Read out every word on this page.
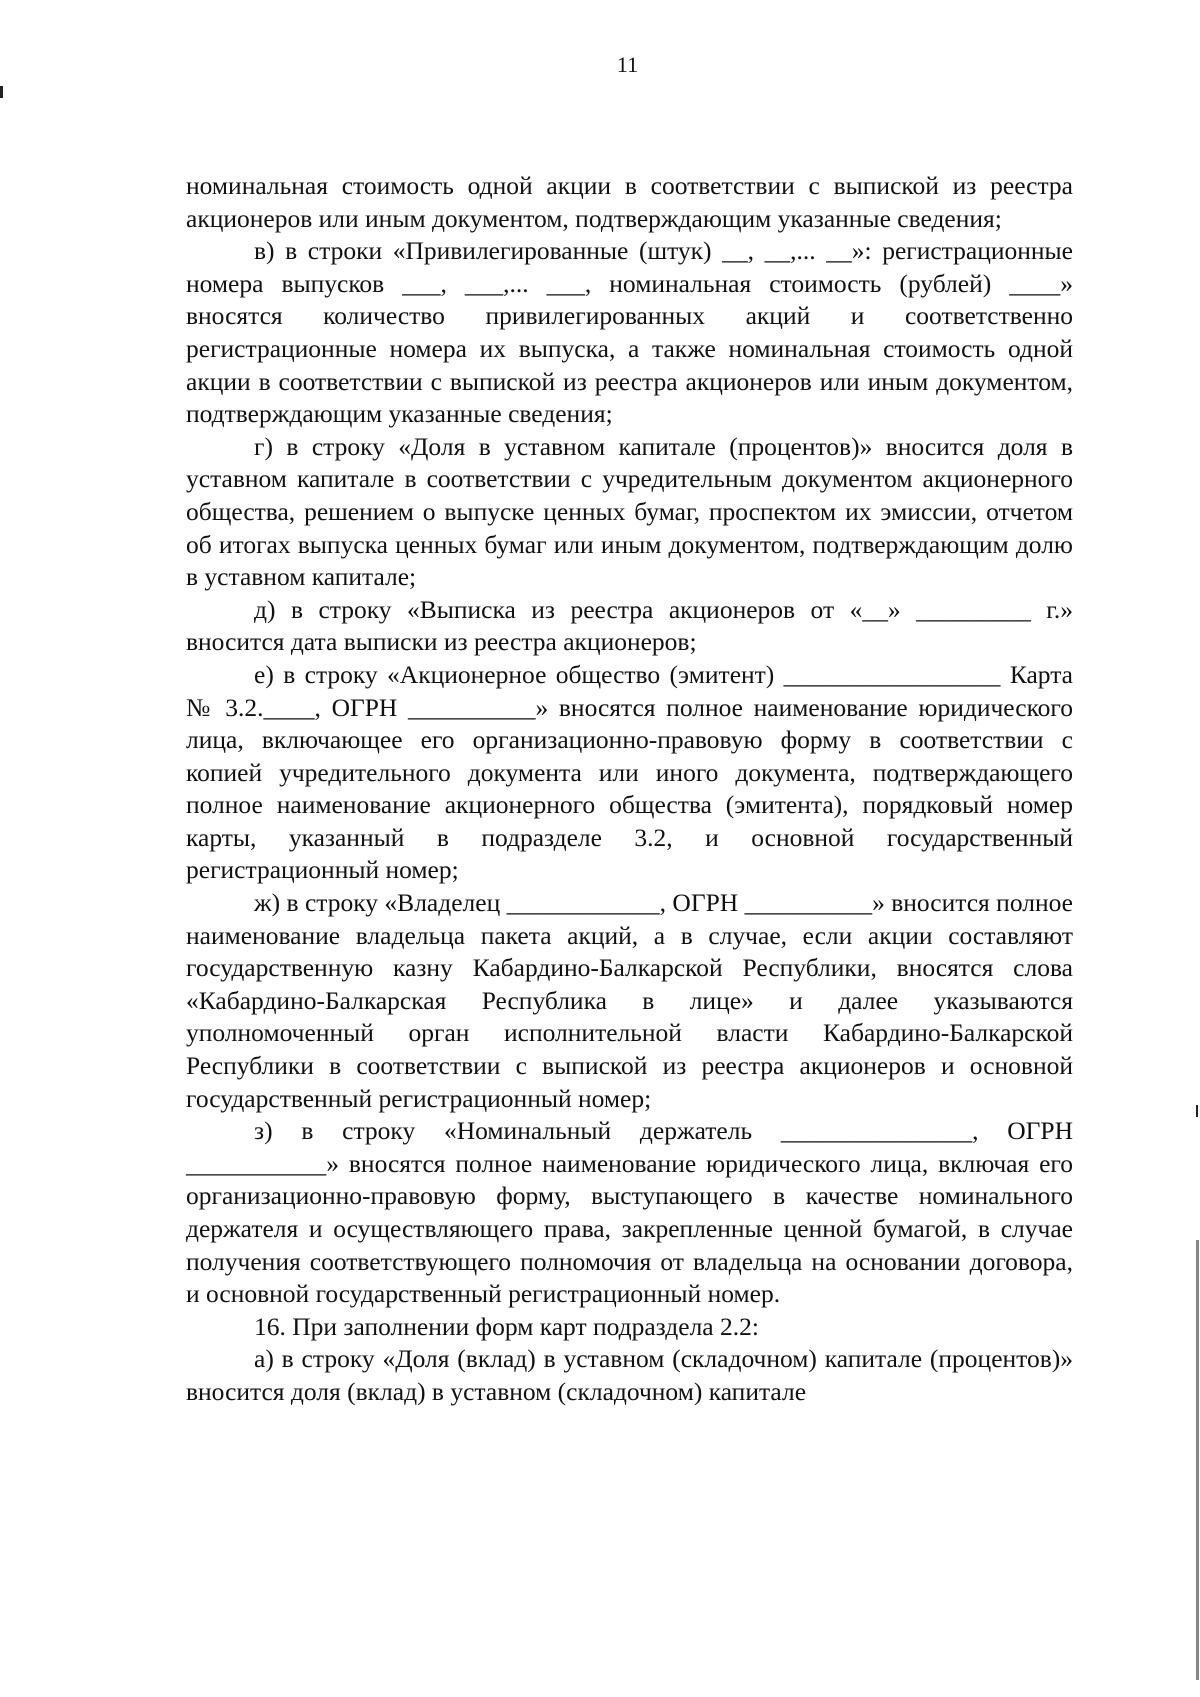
11

номинальная стоимость одной акции в соответствии с выпиской из реестра акционеров или иным документом, подтверждающим указанные сведения;

в) в строки «Привилегированные (штук) __, __,... __»: регистрационные номера выпусков ___, ___,... ___, номинальная стоимость (рублей) ____» вносятся количество привилегированных акций и соответственно регистрационные номера их выпуска, а также номинальная стоимость одной акции в соответствии с выпиской из реестра акционеров или иным документом, подтверждающим указанные сведения;

г) в строку «Доля в уставном капитале (процентов)» вносится доля в уставном капитале в соответствии с учредительным документом акционерного общества, решением о выпуске ценных бумаг, проспектом их эмиссии, отчетом об итогах выпуска ценных бумаг или иным документом, подтверждающим долю в уставном капитале;

д) в строку «Выписка из реестра акционеров от «__» _________ г.» вносится дата выписки из реестра акционеров;

е) в строку «Акционерное общество (эмитент) _________________ Карта № 3.2.____, ОГРН __________» вносятся полное наименование юридического лица, включающее его организационно-правовую форму в соответствии с копией учредительного документа или иного документа, подтверждающего полное наименование акционерного общества (эмитента), порядковый номер карты, указанный в подразделе 3.2, и основной государственный регистрационный номер;

ж) в строку «Владелец ____________, ОГРН __________» вносится полное наименование владельца пакета акций, а в случае, если акции составляют государственную казну Кабардино-Балкарской Республики, вносятся слова «Кабардино-Балкарская Республика в лице» и далее указываются уполномоченный орган исполнительной власти Кабардино-Балкарской Республики в соответствии с выпиской из реестра акционеров и основной государственный регистрационный номер;

з) в строку «Номинальный держатель _______________, ОГРН ___________» вносятся полное наименование юридического лица, включая его организационно-правовую форму, выступающего в качестве номинального держателя и осуществляющего права, закрепленные ценной бумагой, в случае получения соответствующего полномочия от владельца на основании договора, и основной государственный регистрационный номер.

16. При заполнении форм карт подраздела 2.2:

а) в строку «Доля (вклад) в уставном (складочном) капитале (процентов)» вносится доля (вклад) в уставном (складочном) капитале
